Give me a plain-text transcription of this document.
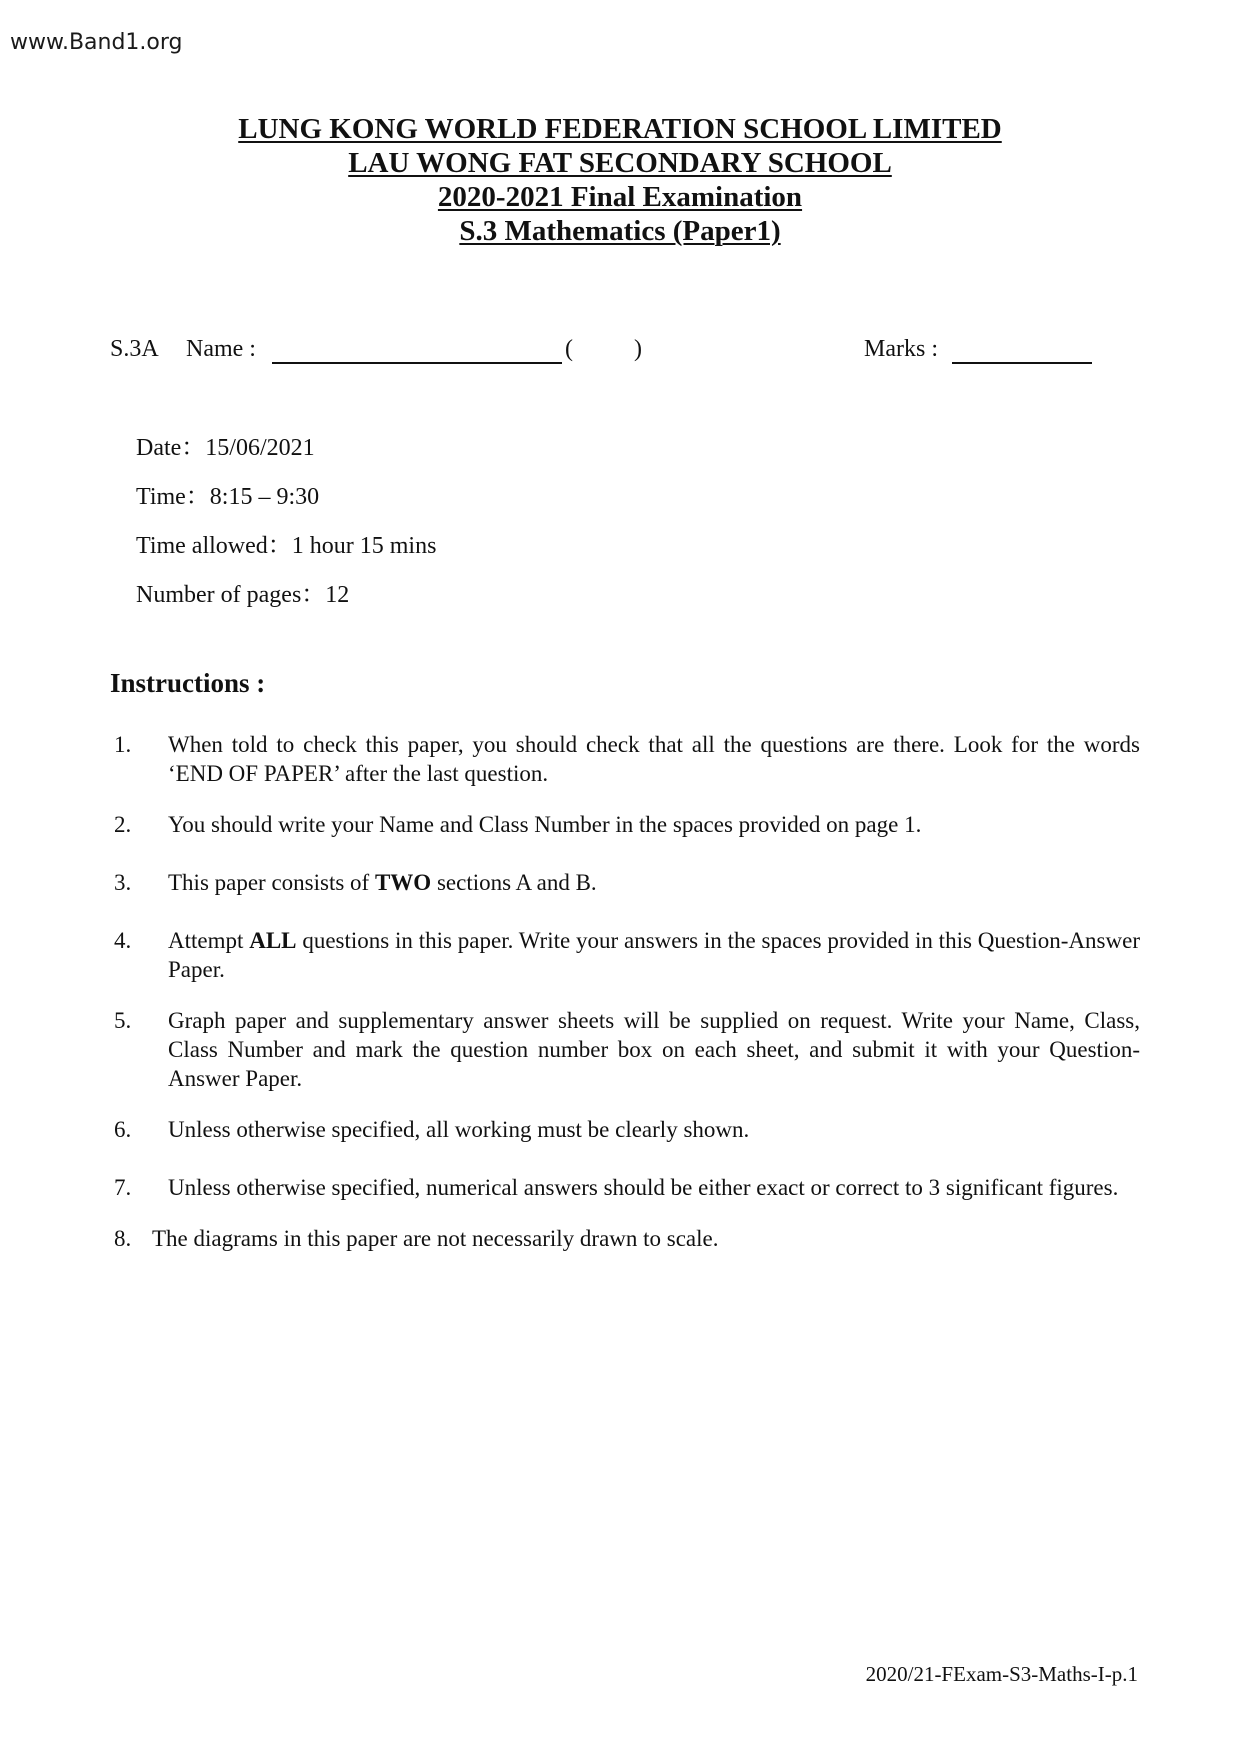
www.Band1.org
LUNG KONG WORLD FEDERATION SCHOOL LIMITED
LAU WONG FAT SECONDARY SCHOOL
2020-2021 Final Examination
S.3 Mathematics (Paper1)
S.3A Name :	(	)	Marks :
Date：15/06/2021
Time：8:15 – 9:30
Time allowed：1 hour 15 mins
Number of pages：12
Instructions :
1. When told to check this paper, you should check that all the questions are there. Look for the words ‘END OF PAPER’ after the last question.
2. You should write your Name and Class Number in the spaces provided on page 1.
3. This paper consists of TWO sections A and B.
4. Attempt ALL questions in this paper. Write your answers in the spaces provided in this Question-Answer Paper.
5. Graph paper and supplementary answer sheets will be supplied on request. Write your Name, Class, Class Number and mark the question number box on each sheet, and submit it with your Question-Answer Paper.
6. Unless otherwise specified, all working must be clearly shown.
7. Unless otherwise specified, numerical answers should be either exact or correct to 3 significant figures.
8. The diagrams in this paper are not necessarily drawn to scale.
2020/21-FExam-S3-Maths-I-p.1
